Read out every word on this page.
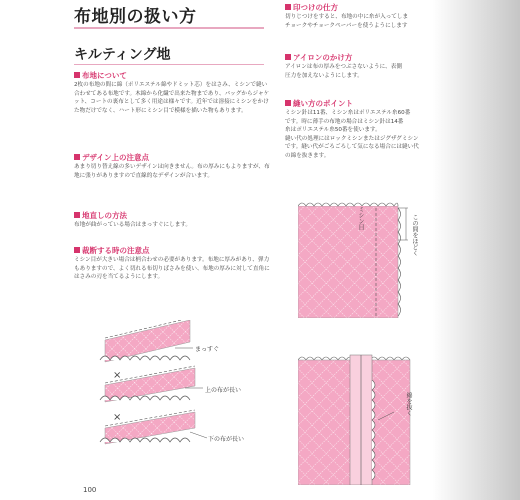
布地別の扱い方
キルティング地
布地について
2枚の布地の間に綿（ポリエステル綿やドミット芯）をはさみ、ミシンで縫い合わせてある布地です。木綿から化繊で出来た物まであり、バッグからジャケット、コートの裏布として多く用途は様々です。近年では溶接にミシンをかけた物だけでなく、ハート形にミシン目で模様を描いた物もあります。
デザイン上の注意点
あまり切り替え線の多いデザインは向きません。布の厚みにもよりますが、布地に張りがありますので直線的なデザインが合います。
地直しの方法
布地が曲がっている場合はまっすぐにします。
裁断する時の注意点
ミシン目が大きい場合は柄合わせの必要があります。布地に厚みがあり、弾力もありますので、よく切れる布切りばさみを使い、布地の厚みに対して直角にはさみの刃を当てるようにします。
×
×
まっすぐ
上の布が長い
下の布が長い
印つけの仕方
切りじつけをすると、布地の中に糸が入ってしま
チョークやチョークペーパーを使うようにします
アイロンのかけ方
アイロンは布の厚みをつぶさないように、表側
圧力を加えないようにします。
縫い方のポイント
ミシン針は11番、ミシン糸はポリエステル糸60番
です。時に薄手の布地の場合はミシン針は14番
糸はポリエステル糸50番を使います。
縫い代の処理にはロックミシンまたはジグザグミシン
です。縫い代がごろごろして気になる場合には縫い代
の綿を抜きます。
ミシン目	この間をほどく
綿を抜く
100
